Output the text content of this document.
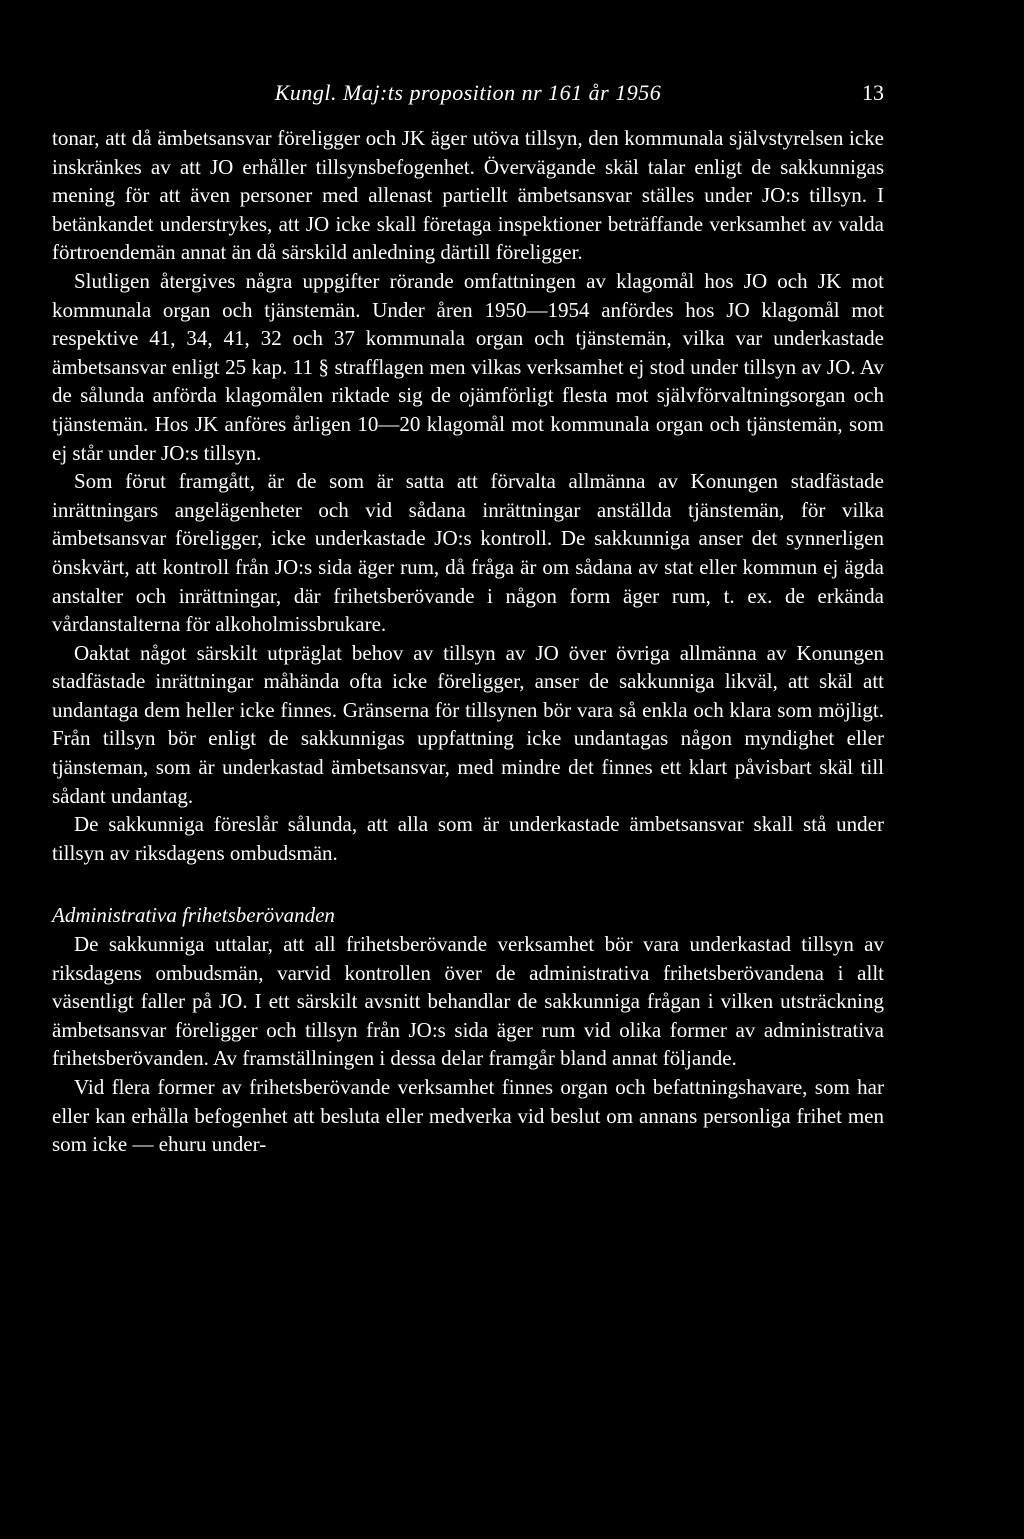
Kungl. Maj:ts proposition nr 161 år 1956	13

tonar, att då ämbetsansvar föreligger och JK äger utöva tillsyn, den kommunala självstyrelsen icke inskränkes av att JO erhåller tillsynsbefogenhet. Övervägande skäl talar enligt de sakkunnigas mening för att även personer med allenast partiellt ämbetsansvar ställes under JO:s tillsyn. I betänkandet understrykes, att JO icke skall företaga inspektioner beträffande verksamhet av valda förtroendemän annat än då särskild anledning därtill föreligger.

Slutligen återgives några uppgifter rörande omfattningen av klagomål hos JO och JK mot kommunala organ och tjänstemän. Under åren 1950—1954 anfördes hos JO klagomål mot respektive 41, 34, 41, 32 och 37 kommunala organ och tjänstemän, vilka var underkastade ämbetsansvar enligt 25 kap. 11 § strafflagen men vilkas verksamhet ej stod under tillsyn av JO. Av de sålunda anförda klagomålen riktade sig de ojämförligt flesta mot självförvaltningsorgan och tjänstemän. Hos JK anföres årligen 10—20 klagomål mot kommunala organ och tjänstemän, som ej står under JO:s tillsyn.

Som förut framgått, är de som är satta att förvalta allmänna av Konungen stadfästade inrättningars angelägenheter och vid sådana inrättningar anställda tjänstemän, för vilka ämbetsansvar föreligger, icke underkastade JO:s kontroll. De sakkunniga anser det synnerligen önskvärt, att kontroll från JO:s sida äger rum, då fråga är om sådana av stat eller kommun ej ägda anstalter och inrättningar, där frihetsberövande i någon form äger rum, t. ex. de erkända vårdanstalterna för alkoholmissbrukare.

Oaktat något särskilt utpräglat behov av tillsyn av JO över övriga allmänna av Konungen stadfästade inrättningar måhända ofta icke föreligger, anser de sakkunniga likväl, att skäl att undantaga dem heller icke finnes. Gränserna för tillsynen bör vara så enkla och klara som möjligt. Från tillsyn bör enligt de sakkunnigas uppfattning icke undantagas någon myndighet eller tjänsteman, som är underkastad ämbetsansvar, med mindre det finnes ett klart påvisbart skäl till sådant undantag.

De sakkunniga föreslår sålunda, att alla som är underkastade ämbetsansvar skall stå under tillsyn av riksdagens ombudsmän.

Administrativa frihetsberövanden

De sakkunniga uttalar, att all frihetsberövande verksamhet bör vara underkastad tillsyn av riksdagens ombudsmän, varvid kontrollen över de administrativa frihetsberövandena i allt väsentligt faller på JO. I ett särskilt avsnitt behandlar de sakkunniga frågan i vilken utsträckning ämbetsansvar föreligger och tillsyn från JO:s sida äger rum vid olika former av administrativa frihetsberövanden. Av framställningen i dessa delar framgår bland annat följande.

Vid flera former av frihetsberövande verksamhet finnes organ och befattningshavare, som har eller kan erhålla befogenhet att besluta eller medverka vid beslut om annans personliga frihet men som icke — ehuru under-
